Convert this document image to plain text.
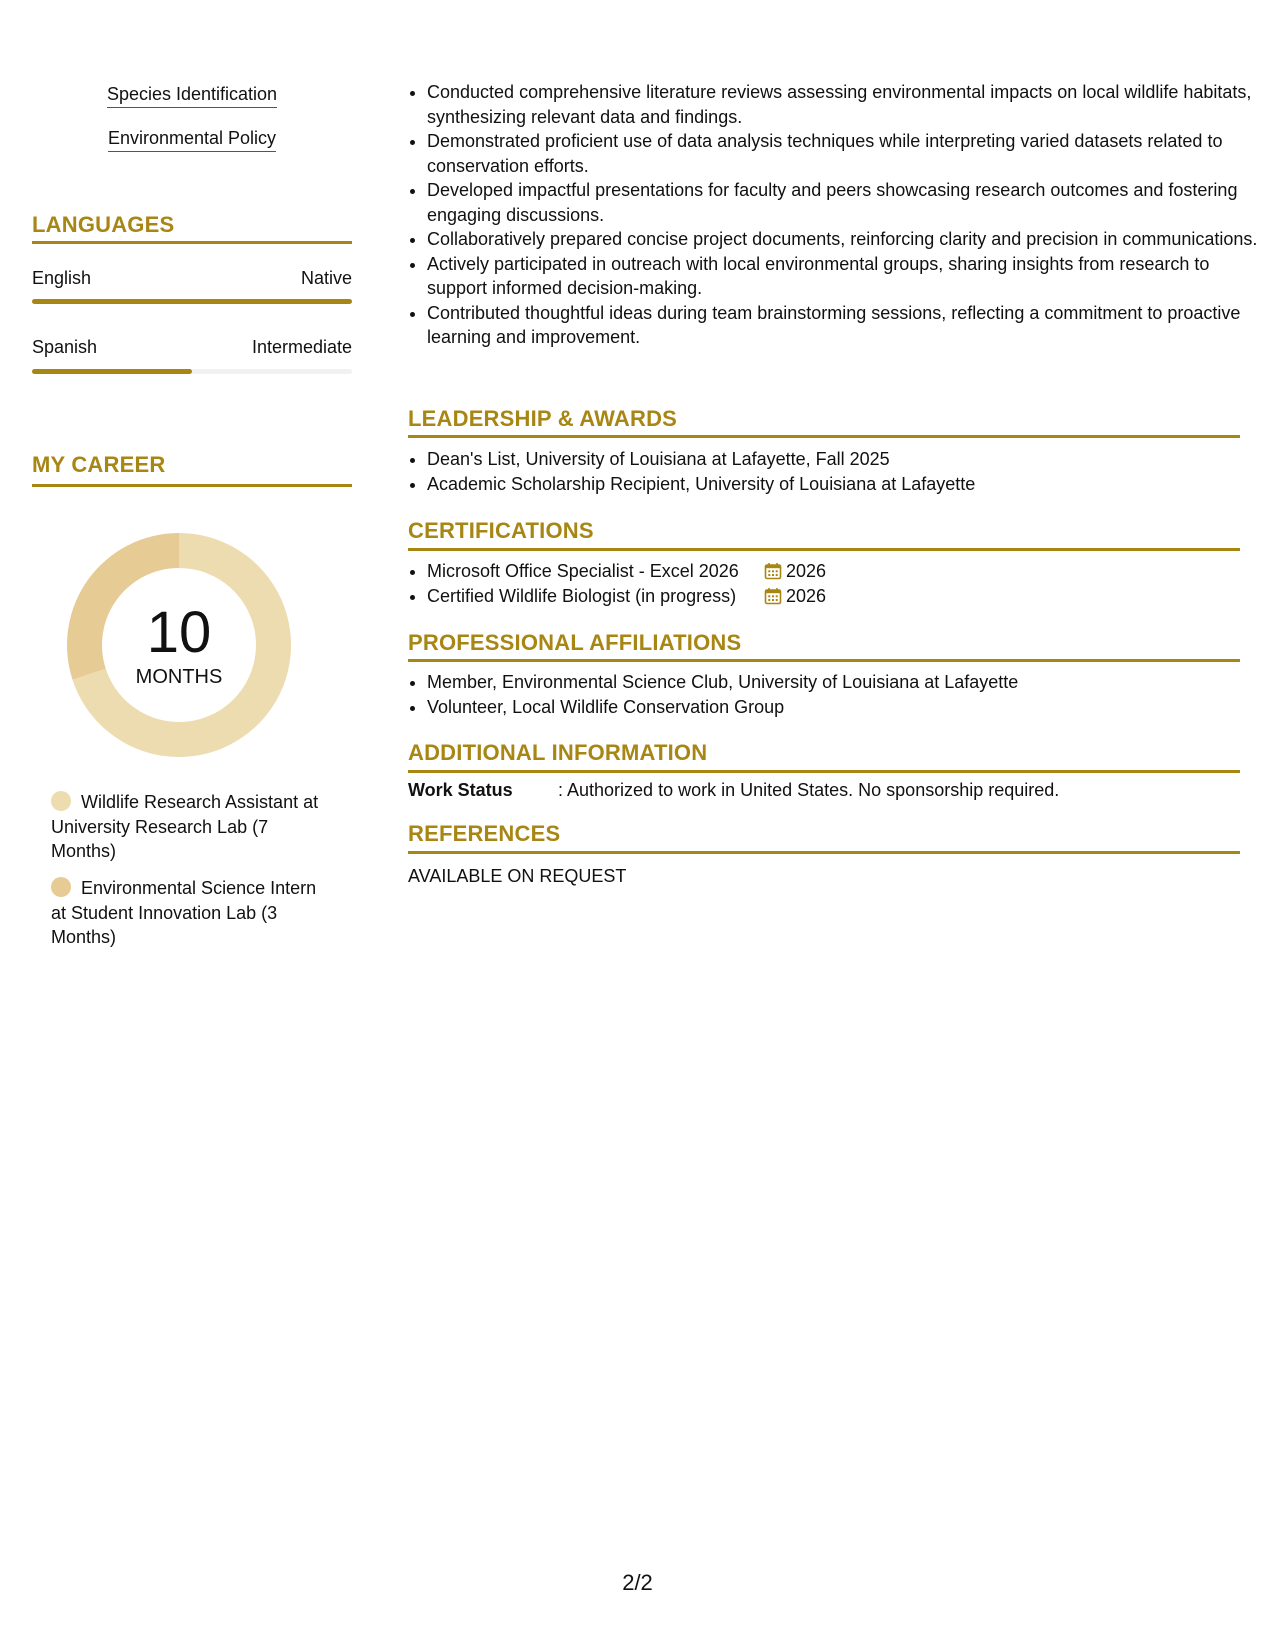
Species Identification
Environmental Policy
LANGUAGES
English	Native
Spanish	Intermediate
MY CAREER
10
MONTHS
Wildlife Research Assistant at University Research Lab (7 Months)
Environmental Science Intern at Student Innovation Lab (3 Months)
• Conducted comprehensive literature reviews assessing environmental impacts on local wildlife habitats, synthesizing relevant data and findings.
• Demonstrated proficient use of data analysis techniques while interpreting varied datasets related to conservation efforts.
• Developed impactful presentations for faculty and peers showcasing research outcomes and fostering engaging discussions.
• Collaboratively prepared concise project documents, reinforcing clarity and precision in communications.
• Actively participated in outreach with local environmental groups, sharing insights from research to support informed decision-making.
• Contributed thoughtful ideas during team brainstorming sessions, reflecting a commitment to proactive learning and improvement.
LEADERSHIP & AWARDS
• Dean's List, University of Louisiana at Lafayette, Fall 2025
• Academic Scholarship Recipient, University of Louisiana at Lafayette
CERTIFICATIONS
• Microsoft Office Specialist - Excel 2026	2026
• Certified Wildlife Biologist (in progress)	2026
PROFESSIONAL AFFILIATIONS
• Member, Environmental Science Club, University of Louisiana at Lafayette
• Volunteer, Local Wildlife Conservation Group
ADDITIONAL INFORMATION
Work Status	: Authorized to work in United States. No sponsorship required.
REFERENCES
AVAILABLE ON REQUEST
2/2
